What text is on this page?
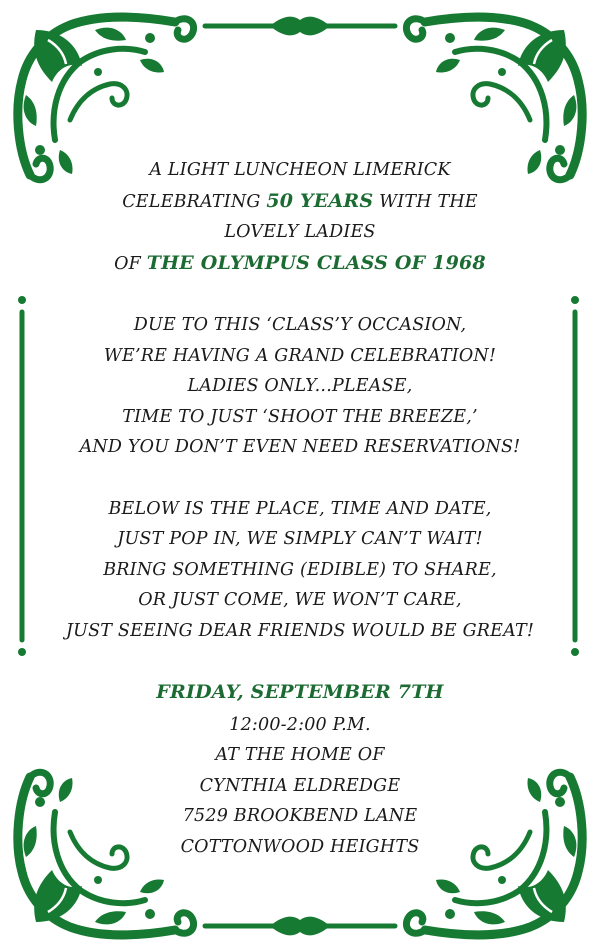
A LIGHT LUNCHEON LIMERICK
CELEBRATING 50 YEARS WITH THE
LOVELY LADIES
OF THE OLYMPUS CLASS OF 1968
DUE TO THIS ‘CLASS’Y OCCASION,
WE’RE HAVING A GRAND CELEBRATION!
LADIES ONLY...PLEASE,
TIME TO JUST ‘SHOOT THE BREEZE,’
AND YOU DON’T EVEN NEED RESERVATIONS!
BELOW IS THE PLACE, TIME AND DATE,
JUST POP IN, WE SIMPLY CAN’T WAIT!
BRING SOMETHING (EDIBLE) TO SHARE,
OR JUST COME, WE WON’T CARE,
JUST SEEING DEAR FRIENDS WOULD BE GREAT!
FRIDAY, SEPTEMBER 7TH
12:00-2:00 P.M.
AT THE HOME OF
CYNTHIA ELDREDGE
7529 BROOKBEND LANE
COTTONWOOD HEIGHTS
